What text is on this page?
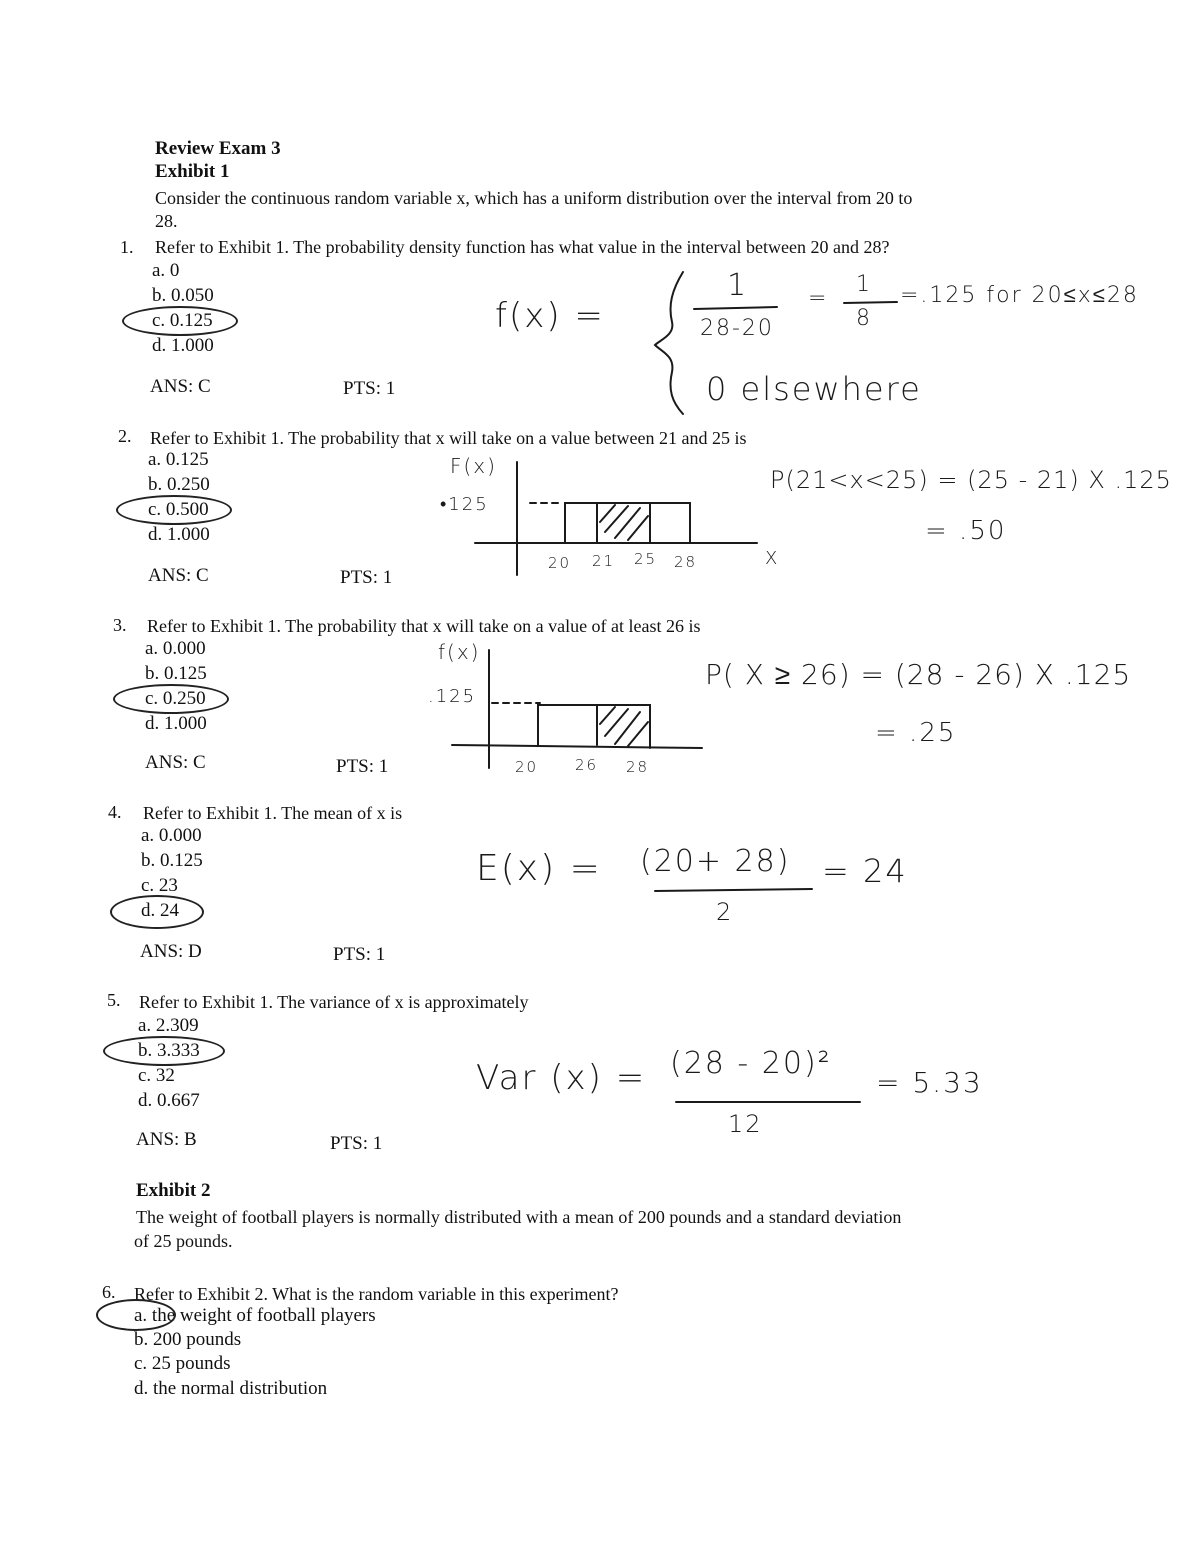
Review Exam 3
Exhibit 1
Consider the continuous random variable x, which has a uniform distribution over the interval from 20 to
28.
1. Refer to Exhibit 1. The probability density function has what value in the interval between 20 and 28?
a. 0
b. 0.050
c. 0.125
d. 1.000
ANS: C	PTS: 1
2. Refer to Exhibit 1. The probability that x will take on a value between 21 and 25 is
a. 0.125
b. 0.250
c. 0.500
d. 1.000
ANS: C	PTS: 1
3. Refer to Exhibit 1. The probability that x will take on a value of at least 26 is
a. 0.000
b. 0.125
c. 0.250
d. 1.000
ANS: C	PTS: 1
4. Refer to Exhibit 1. The mean of x is
a. 0.000
b. 0.125
c. 23
d. 24
ANS: D	PTS: 1
5. Refer to Exhibit 1. The variance of x is approximately
a. 2.309
b. 3.333
c. 32
d. 0.667
ANS: B	PTS: 1
Exhibit 2
The weight of football players is normally distributed with a mean of 200 pounds and a standard deviation
of 25 pounds.
6. Refer to Exhibit 2. What is the random variable in this experiment?
a. the weight of football players
b. 200 pounds
c. 25 pounds
d. the normal distribution
f(x) =
1
28-20
=
1
8
=.125 for 20≤x≤28
0 elsewhere
F(x)
•125
20 21 25 28	X
P(21<x<25) = (25 - 21) X .125
= .50
f(x)
.125
20 26 28
P( X ≥ 26) = (28 - 26) X .125
= .25
E(x) = (20+ 28)
2
= 24
Var (x) = (28 - 20)²
12
= 5.33
